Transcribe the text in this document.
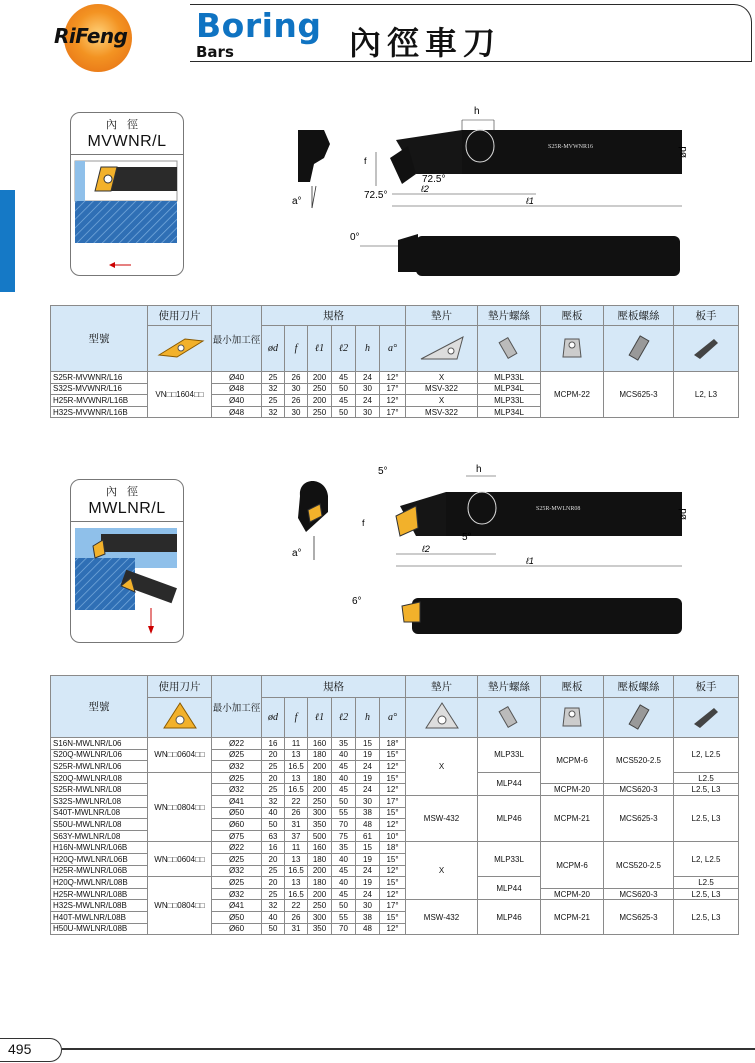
RiFeng Boring
Bars	內徑車刀
內徑
MVWNR/L
a°
S25R-MVWNR16
h
ød
f
72.5°
72.5°
ℓ2
ℓ1
0°
型號	使用刀片	最小加工徑	規格						墊片	墊片螺絲	壓板	壓板螺絲	板手
	ød	f	ℓ1	ℓ2	h	a°					
S25R-MVWNR/L16	VN□□1604□□	Ø40	25	26	200	45	24	12°	X	MLP33L	MCPM-22	MCS625-3	L2, L3
S32S-MVWNR/L16		Ø48	32	30	250	50	30	17°	MSV-322	MLP34L			
H25R-MVWNR/L16B		Ø40	25	26	200	45	24	12°	X	MLP33L			
H32S-MVWNR/L16B		Ø48	32	30	250	50	30	17°	MSV-322	MLP34L			
內徑
MWLNR/L
a°
S25R-MWLNR08
h
ød
f
5°
5°
ℓ2
ℓ1
6°
型號	使用刀片	最小加工徑	規格						墊片	墊片螺絲	壓板	壓板螺絲	板手
	ød	f	ℓ1	ℓ2	h	a°					
S16N-MWLNR/L06	WN□□0604□□	Ø22	16	11	160	35	15	18°	X	MLP33L	MCPM-6	MCS520-2.5	L2, L2.5
S20Q-MWLNR/L06		Ø25	20	13	180	40	19	15°					
S25R-MWLNR/L06		Ø32	25	16.5	200	45	24	12°					
S20Q-MWLNR/L08	WN□□0804□□	Ø25	20	13	180	40	19	15°		MLP44			L2.5
S25R-MWLNR/L08		Ø32	25	16.5	200	45	24	12°			MCPM-20	MCS620-3	L2.5, L3
S32S-MWLNR/L08		Ø41	32	22	250	50	30	17°	MSW-432	MLP46	MCPM-21	MCS625-3	L2.5, L3
S40T-MWLNR/L08		Ø50	40	26	300	55	38	15°					
S50U-MWLNR/L08		Ø60	50	31	350	70	48	12°					
S63Y-MWLNR/L08		Ø75	63	37	500	75	61	10°					
H16N-MWLNR/L06B	WN□□0604□□	Ø22	16	11	160	35	15	18°	X	MLP33L	MCPM-6	MCS520-2.5	L2, L2.5
H20Q-MWLNR/L06B		Ø25	20	13	180	40	19	15°					
H25R-MWLNR/L06B		Ø32	25	16.5	200	45	24	12°					
H20Q-MWLNR/L08B	WN□□0804□□	Ø25	20	13	180	40	19	15°		MLP44			L2.5
H25R-MWLNR/L08B		Ø32	25	16.5	200	45	24	12°			MCPM-20	MCS620-3	L2.5, L3
H32S-MWLNR/L08B		Ø41	32	22	250	50	30	17°	MSW-432	MLP46	MCPM-21	MCS625-3	L2.5, L3
H40T-MWLNR/L08B		Ø50	40	26	300	55	38	15°					
H50U-MWLNR/L08B		Ø60	50	31	350	70	48	12°					
495
